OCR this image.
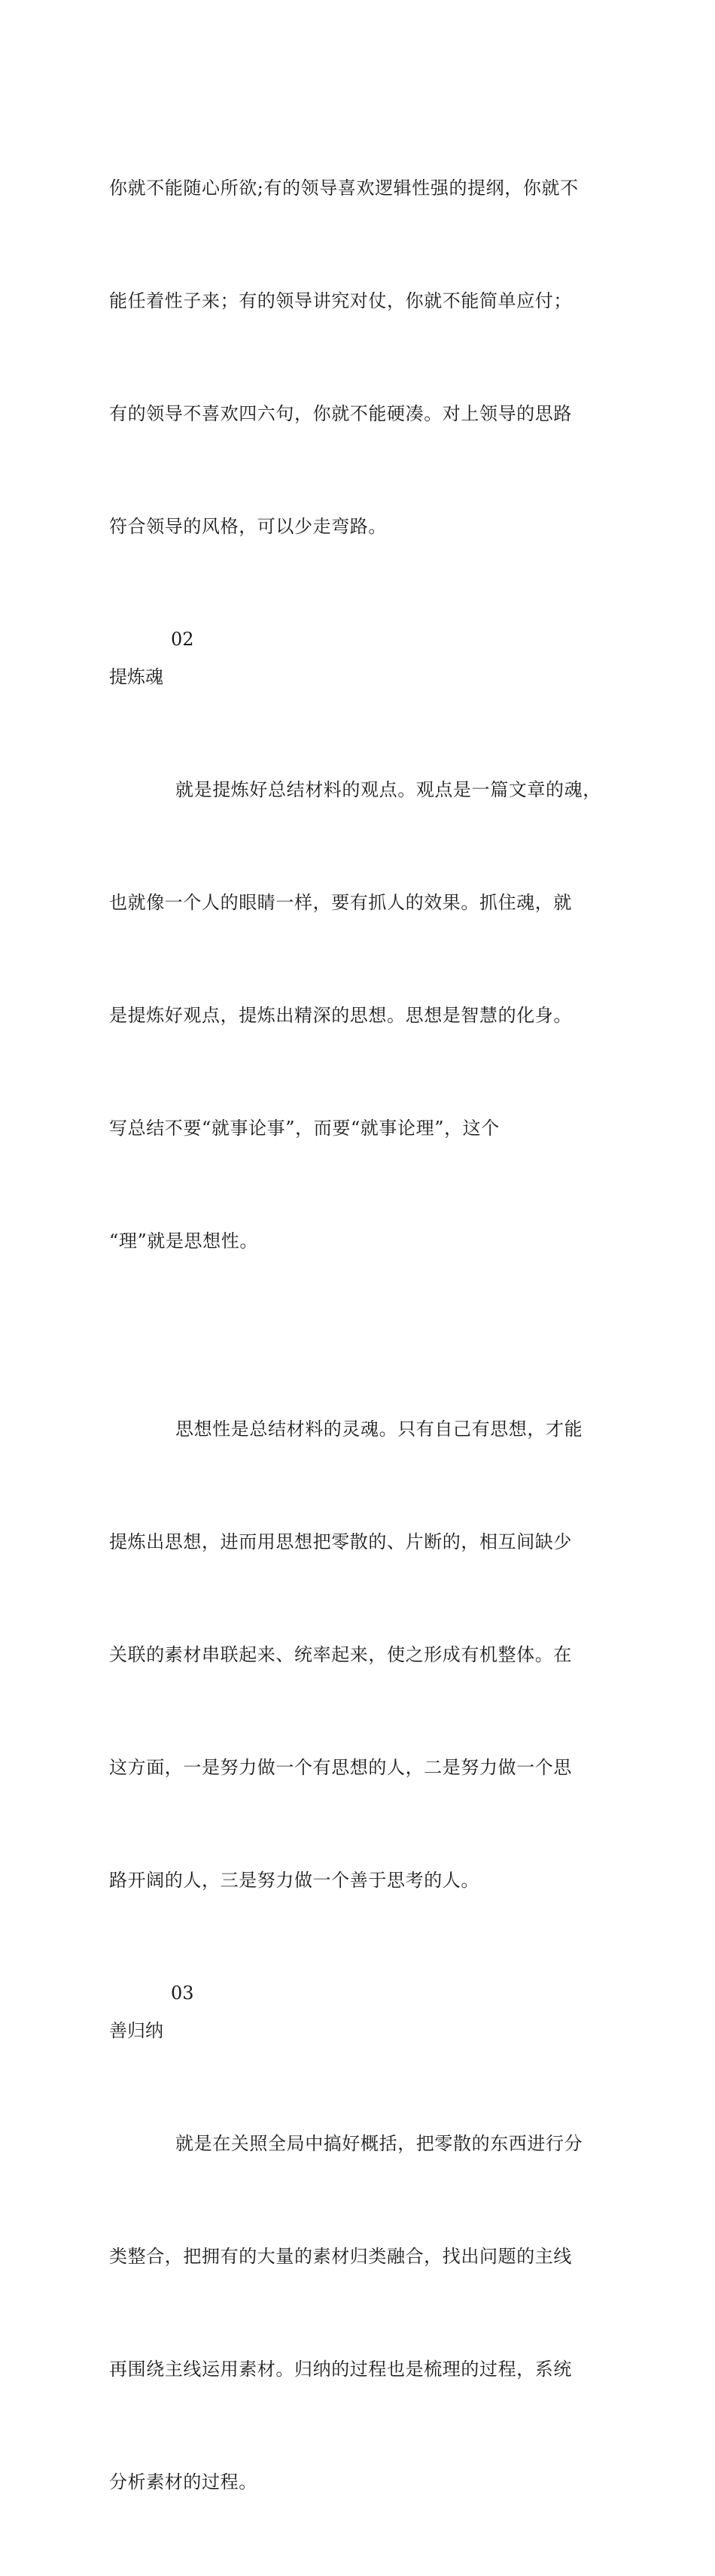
你就不能随心所欲;有的领导喜欢逻辑性强的提纲，你就不

能任着性子来；有的领导讲究对仗，你就不能简单应付；

有的领导不喜欢四六句，你就不能硬凑。对上领导的思路

符合领导的风格，可以少走弯路。

02
提炼魂

就是提炼好总结材料的观点。观点是一篇文章的魂，

也就像一个人的眼睛一样，要有抓人的效果。抓住魂，就

是提炼好观点，提炼出精深的思想。思想是智慧的化身。

写总结不要“就事论事”，而要“就事论理”，这个

“理”就是思想性。

思想性是总结材料的灵魂。只有自己有思想，才能

提炼出思想，进而用思想把零散的、片断的，相互间缺少

关联的素材串联起来、统率起来，使之形成有机整体。在

这方面，一是努力做一个有思想的人，二是努力做一个思

路开阔的人，三是努力做一个善于思考的人。

03
善归纳

就是在关照全局中搞好概括，把零散的东西进行分

类整合，把拥有的大量的素材归类融合，找出问题的主线

再围绕主线运用素材。归纳的过程也是梳理的过程，系统

分析素材的过程。
